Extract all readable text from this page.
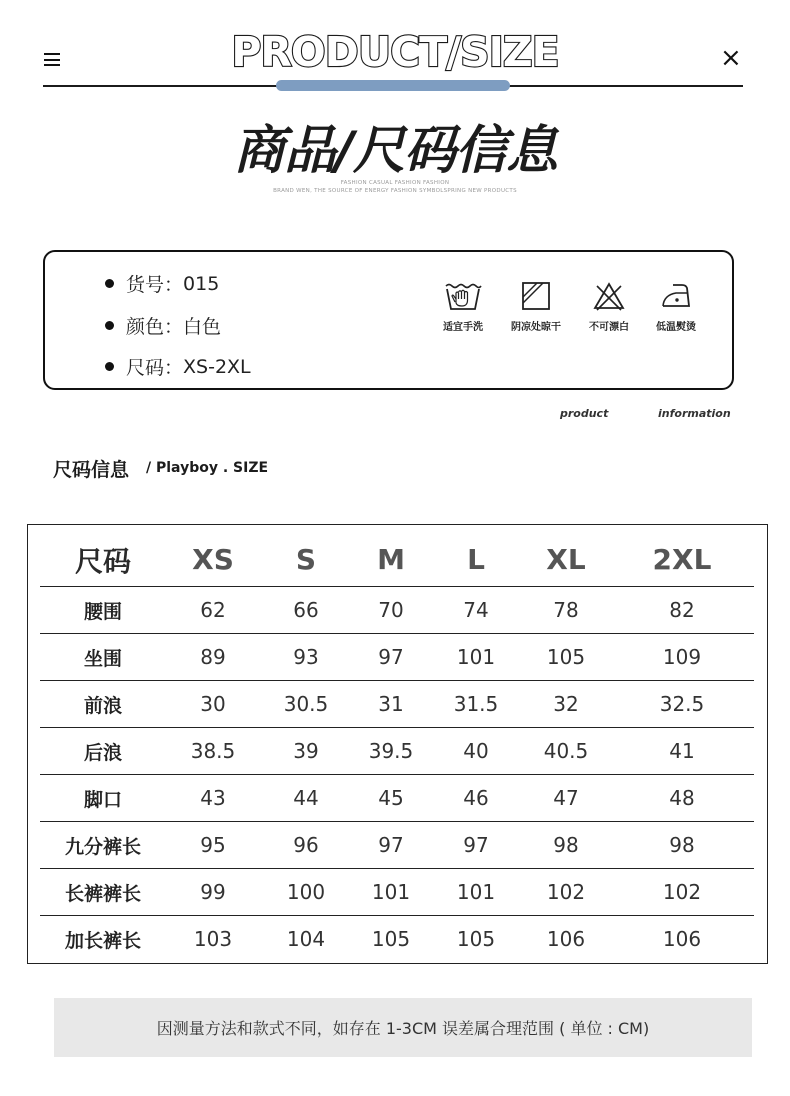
PRODUCT/SIZE	×
商品/尺码信息
FASHION CASUAL FASHION FASHION
BRAND WEN, THE SOURCE OF ENERGY FASHION SYMBOLSPRING NEW PRODUCTS
货号： 015
颜色： 白色
尺码： XS-2XL
适宜手洗	阴凉处晾干	不可漂白	低温熨烫
product	information
尺码信息 / Playboy . SIZE
尺码	XS	S	M	L	XL	2XL
腰围	62	66	70	74	78	82
坐围	89	93	97	101	105	109
前浪	30	30.5	31	31.5	32	32.5
后浪	38.5	39	39.5	40	40.5	41
脚口	43	44	45	46	47	48
九分裤长	95	96	97	97	98	98
长裤裤长	99	100	101	101	102	102
加长裤长	103	104	105	105	106	106
因测量方法和款式不同，如存在 1-3CM 误差属合理范围 ( 单位 : CM)
